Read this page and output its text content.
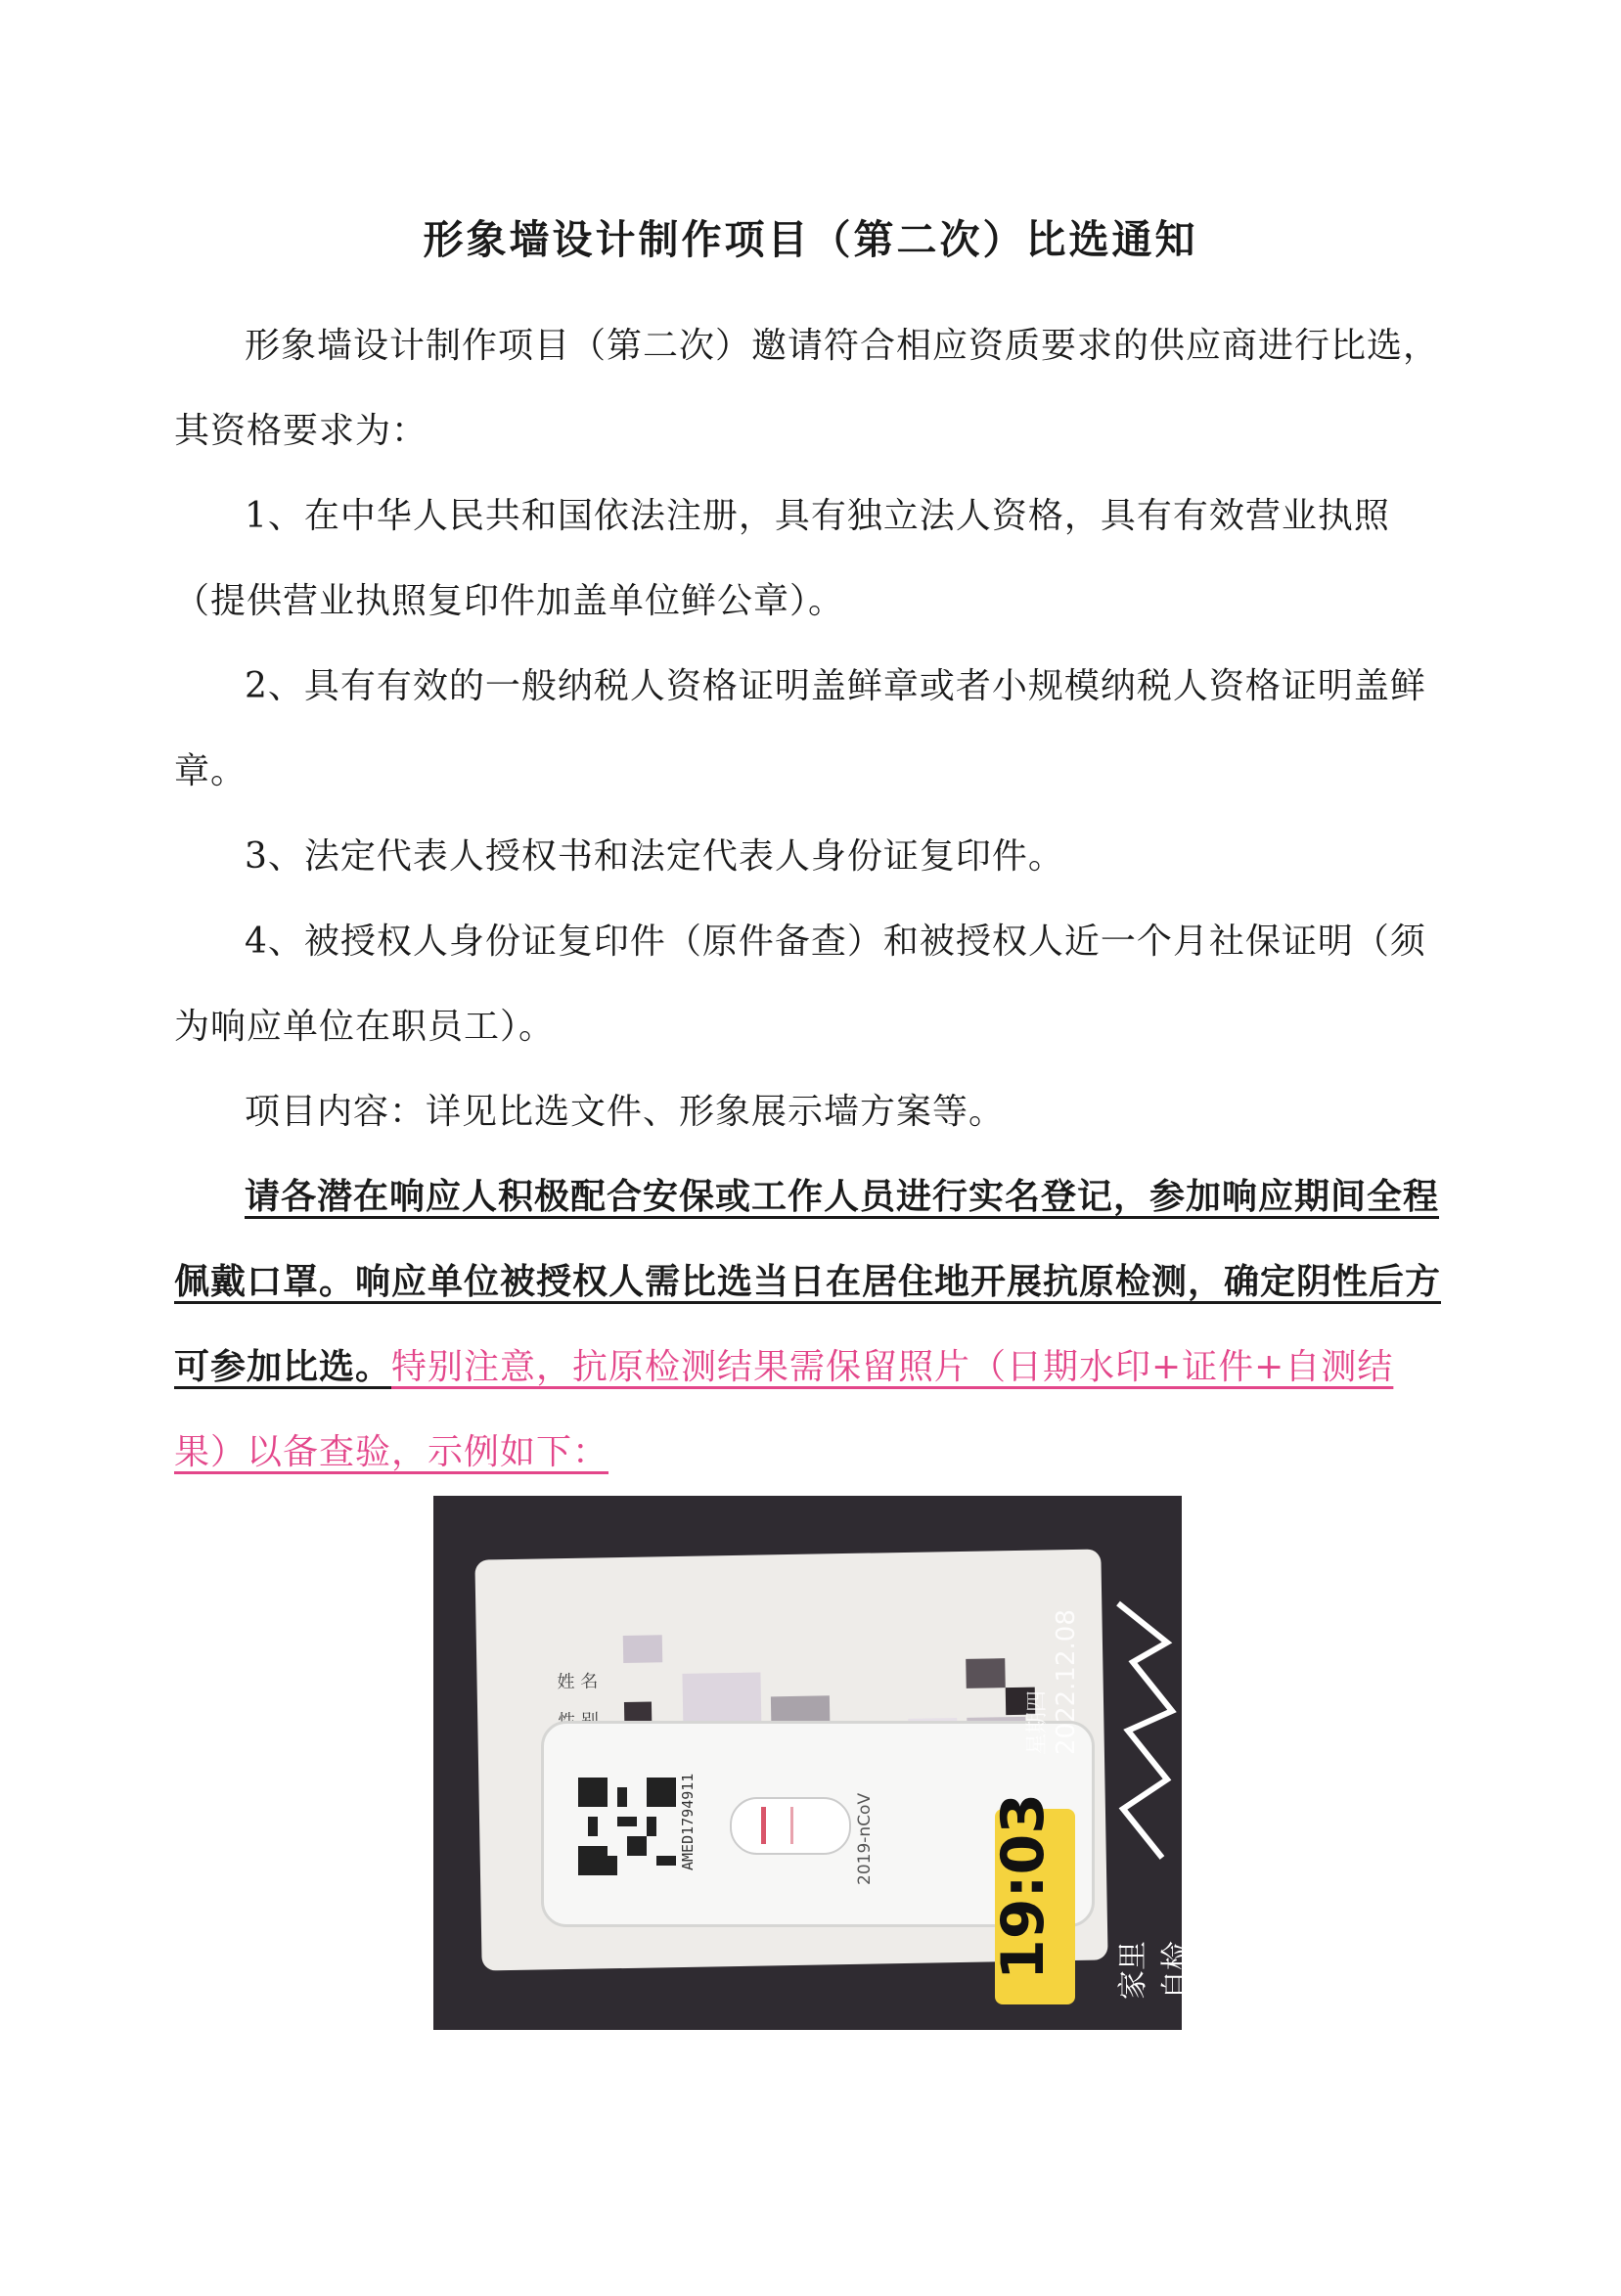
形象墙设计制作项目（第二次）比选通知

形象墙设计制作项目（第二次）邀请符合相应资质要求的供应商进行比选，其资格要求为：

1、在中华人民共和国依法注册，具有独立法人资格，具有有效营业执照（提供营业执照复印件加盖单位鲜公章）。

2、具有有效的一般纳税人资格证明盖鲜章或者小规模纳税人资格证明盖鲜章。

3、法定代表人授权书和法定代表人身份证复印件。

4、被授权人身份证复印件（原件备查）和被授权人近一个月社保证明（须为响应单位在职员工）。

项目内容：详见比选文件、形象展示墙方案等。

请各潜在响应人积极配合安保或工作人员进行实名登记，参加响应期间全程佩戴口罩。响应单位被授权人需比选当日在居住地开展抗原检测，确定阴性后方可参加比选。特别注意，抗原检测结果需保留照片（日期水印+证件+自测结果）以备查验，示例如下：

姓 名
AMED1794911	2019-nCoV
星期四 2022.12.08
19:03 家里自检
